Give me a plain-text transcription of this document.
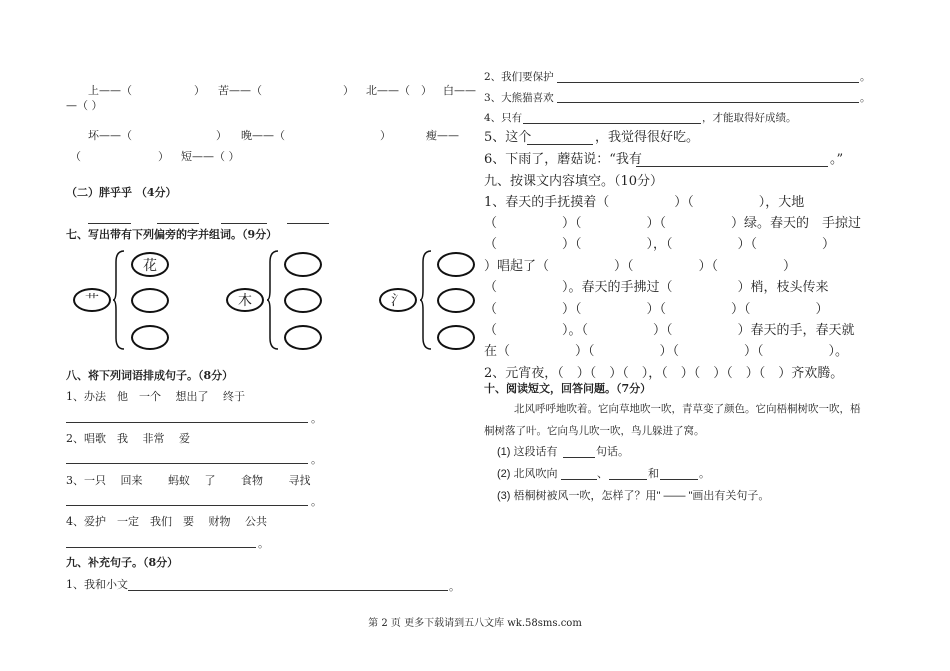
上——（	） 苦——（	） 北——（ ） 白——
—（ ）
坏——（	） 晚——（	）	瘦——
（	） 短——（ ）
（二）胖乎乎 （4分）
七、写出带有下列偏旁的字并组词。（9分）
艹
花
木	氵
八、将下列词语排成句子。（8分）
1、办法　他　一个　 想出了　 终于
。
2、唱歌　我　 非常　 爱
。
3、一只　 回来　　 蚂蚁　 了　　 食物　　 寻找
。
4、爱护　一定　我们　要　 财物　 公共
。
九、补充句子。（8分）
1、我和小文	。
2、我们要保护	。
3、大熊猫喜欢	。
4、只有	，才能取得好成绩。
5、这个	，我觉得很好吃。
6、下雨了，蘑菇说：“我有	。”
九、按课文内容填空。（10分）
1、春天的手抚摸着（　　　　　）（　　　　　），大地
（　　　　　）（　　　　　）（　　　　　）绿。春天的　手掠过
（　　　　　）（　　　　　），（　　　　　）（　　　　　）
）唱起了（　　　　　）（　　　　　）（　　　　　）
（　　　　　）。春天的手拂过（　　　　　）梢，枝头传来
（　　　　　）（　　　　　）（　　　　　）（　　　　　）
（　　　　　）。（　　　　　）（　　　　　）春天的手，春天就
在（　　　　　）（　　　　　）（　　　　　）（　　　　　）。
2、元宵夜，（　）（　）（　），（　）（　）（　）（　）齐欢腾。
十、阅读短文，回答问题。（7分）
北风呼呼地吹着。它向草地吹一吹，青草变了颜色。它向梧桐树吹一吹，梧
桐树落了叶。它向鸟儿吹一吹，鸟儿躲进了窝。
(1) 这段话有	句话。
(2) 北风吹向	、	和	。
(3) 梧桐树被风一吹，怎样了？用" —— "画出有关句子。
第 2 页 更多下载请到五八文库 wk.58sms.com
